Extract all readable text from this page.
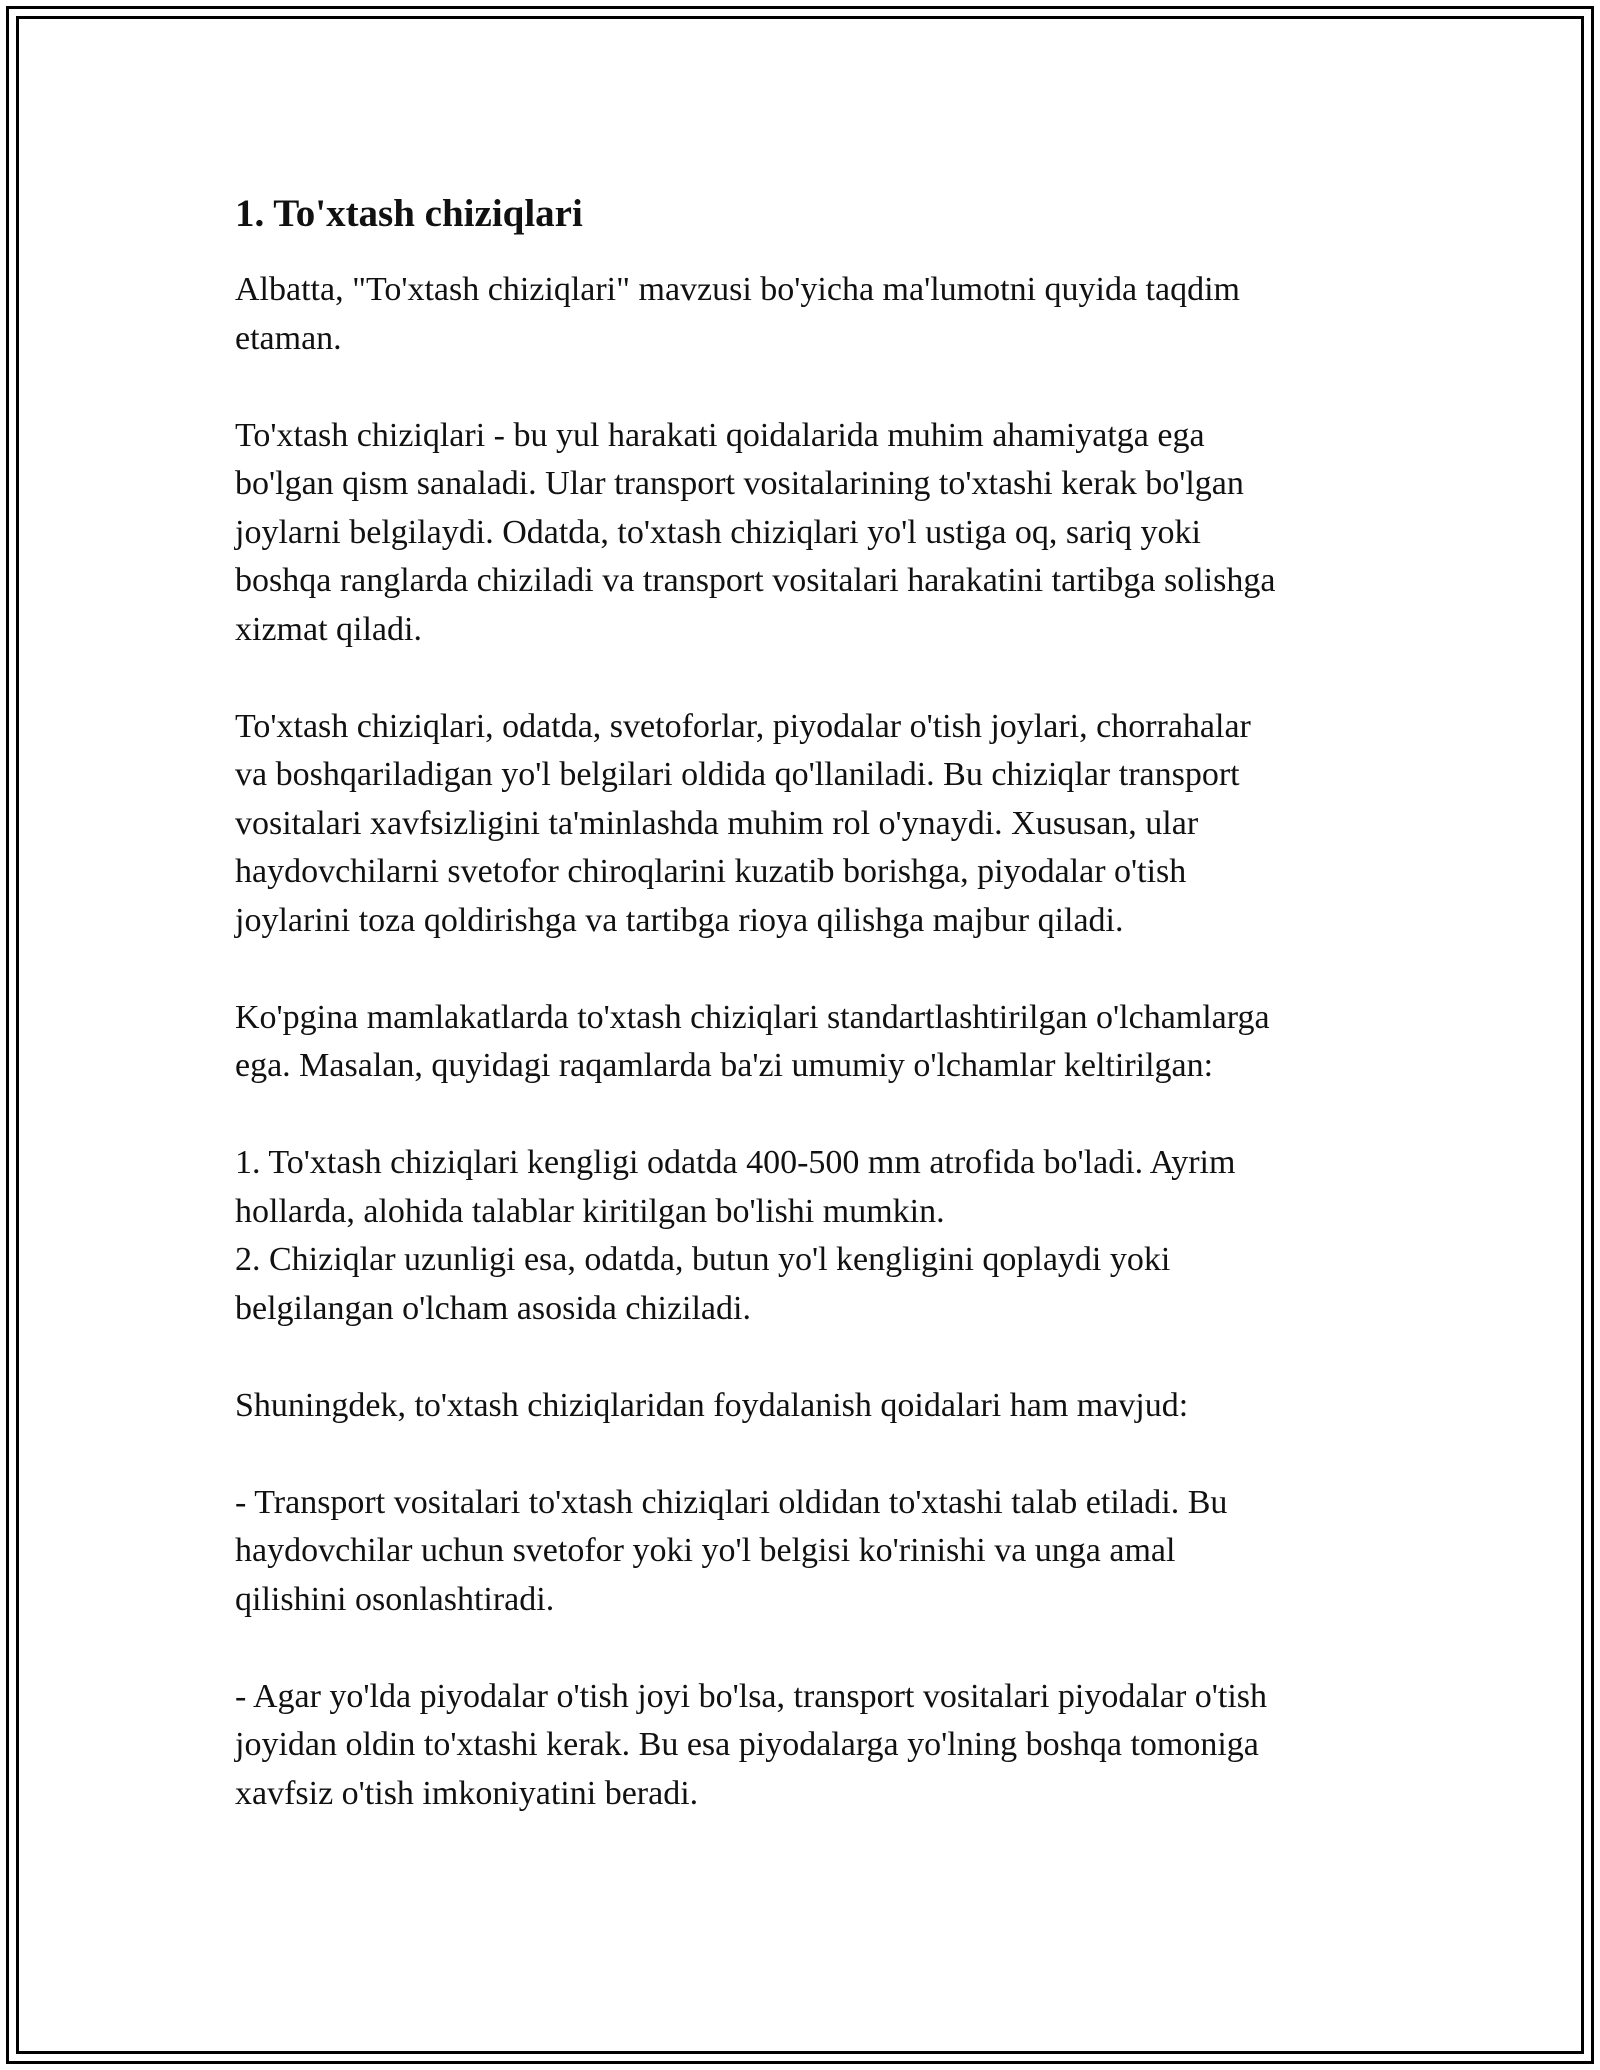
1. To'xtash chiziqlari
Albatta, "To'xtash chiziqlari" mavzusi bo'yicha ma'lumotni quyida taqdim
etaman.
To'xtash chiziqlari - bu yul harakati qoidalarida muhim ahamiyatga ega
bo'lgan qism sanaladi. Ular transport vositalarining to'xtashi kerak bo'lgan
joylarni belgilaydi. Odatda, to'xtash chiziqlari yo'l ustiga oq, sariq yoki
boshqa ranglarda chiziladi va transport vositalari harakatini tartibga solishga
xizmat qiladi.
To'xtash chiziqlari, odatda, svetoforlar, piyodalar o'tish joylari, chorrahalar
va boshqariladigan yo'l belgilari oldida qo'llaniladi. Bu chiziqlar transport
vositalari xavfsizligini ta'minlashda muhim rol o'ynaydi. Xususan, ular
haydovchilarni svetofor chiroqlarini kuzatib borishga, piyodalar o'tish
joylarini toza qoldirishga va tartibga rioya qilishga majbur qiladi.
Ko'pgina mamlakatlarda to'xtash chiziqlari standartlashtirilgan o'lchamlarga
ega. Masalan, quyidagi raqamlarda ba'zi umumiy o'lchamlar keltirilgan:
1. To'xtash chiziqlari kengligi odatda 400-500 mm atrofida bo'ladi. Ayrim
hollarda, alohida talablar kiritilgan bo'lishi mumkin.
2. Chiziqlar uzunligi esa, odatda, butun yo'l kengligini qoplaydi yoki
belgilangan o'lcham asosida chiziladi.
Shuningdek, to'xtash chiziqlaridan foydalanish qoidalari ham mavjud:
- Transport vositalari to'xtash chiziqlari oldidan to'xtashi talab etiladi. Bu
haydovchilar uchun svetofor yoki yo'l belgisi ko'rinishi va unga amal
qilishini osonlashtiradi.
- Agar yo'lda piyodalar o'tish joyi bo'lsa, transport vositalari piyodalar o'tish
joyidan oldin to'xtashi kerak. Bu esa piyodalarga yo'lning boshqa tomoniga
xavfsiz o'tish imkoniyatini beradi.
